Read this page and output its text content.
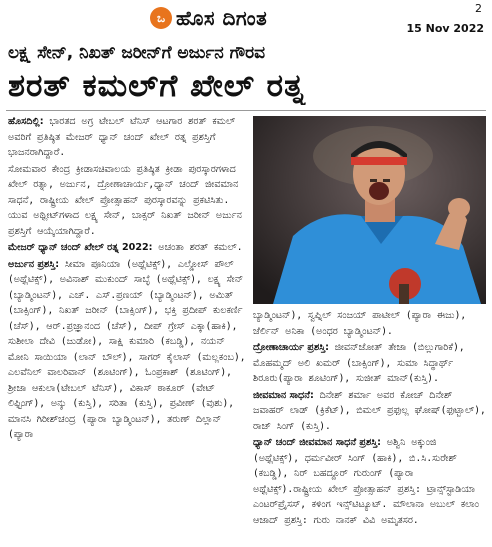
ಒ ಹೊಸ ದಿಗಂತ	2
15 Nov 2022
ಲಕ್ಷ್ಯ ಸೇನ್, ನಿಖತ್ ಜರೀನ್‌ಗೆ ಅರ್ಜುನ ಗೌರವ
ಶರತ್ ಕಮಲ್‌ಗೆ ಖೇಲ್ ರತ್ನ

ಹೊಸದಿಲ್ಲಿ: ಭಾರತದ ಅಗ್ರ ಟೇಬಲ್ ಟೆನಿಸ್ ಆಟಗಾರ ಶರತ್ ಕಮಲ್ ಅವರಿಗೆ ಪ್ರತಿಷ್ಠಿತ ಮೇಜರ್ ಧ್ಯಾನ್ ಚಂದ್ ಖೇಲ್ ರತ್ನ ಪ್ರಶಸ್ತಿಗೆ ಭಾಜನರಾಗಿದ್ದಾರೆ.

ಸೋಮವಾರ ಕೇಂದ್ರ ಕ್ರೀಡಾಸಚಿವಾಲಯ ಪ್ರತಿಷ್ಠಿತ ಕ್ರೀಡಾ ಪುರಸ್ಕಾರಗಳಾದ ಖೇಲ್ ರತ್ನಾ, ಅರ್ಜುನ, ದ್ರೋಣಾಚಾರ್ಯ,ಧ್ಯಾನ್ ಚಂದ್ ಜೀವಮಾನ ಸಾಧನೆ, ರಾಷ್ಟ್ರೀಯ ಖೇಲ್ ಪ್ರೋತ್ಸಾಹನ್ ಪುರಸ್ಕಾರವನ್ನು ಪ್ರಕಟಿಸಿತು. ಯುವ ಅಥ್ಲೀಟ್‌ಗಳಾದ ಲಕ್ಷ್ಯ ಸೇನ್, ಬಾಕ್ಸರ್ ನಿಖತ್ ಜರೀನ್ ಅರ್ಜುನ ಪ್ರಶಸ್ತಿಗೆ ಆಯ್ಕೆಯಾಗಿದ್ದಾರೆ.

ಮೇಜರ್ ಧ್ಯಾನ್ ಚಂದ್ ಖೇಲ್ ರತ್ನ 2022: ಅಚಂತಾ ಶರತ್ ಕಮಲ್.

ಅರ್ಜುನ ಪ್ರಶಸ್ತಿ: ಸೀಮಾ ಪೂನಿಯಾ (ಅಥ್ಲೆಟಿಕ್ಸ್), ಎಲ್ಡೋಸ್ ಪೌಲ್ (ಅಥ್ಲೆಟಿಕ್ಸ್), ಅವಿನಾಶ್ ಮುಕುಂದ್ ಸಾಬ್ಳೆ (ಅಥ್ಲೆಟಿಕ್ಸ್), ಲಕ್ಷ್ಯ ಸೇನ್ (ಬ್ಯಾಡ್ಮಿಂಟನ್), ಎಚ್. ಎಸ್.ಪ್ರಣಯ್ (ಬ್ಯಾಡ್ಮಿಂಟನ್), ಅಮಿತ್ (ಬಾಕ್ಸಿಂಗ್), ನಿಖತ್ ಜರೀನ್ (ಬಾಕ್ಸಿಂಗ್), ಭಕ್ತಿ ಪ್ರದೀಪ್ ಕುಲಕರ್ಣಿ (ಚೆಸ್), ಆರ್.ಪ್ರಜ್ಞಾನಂದ (ಚೆಸ್), ದೀಪ್ ಗ್ರೇಸ್ ಎಕ್ಕಾ(ಹಾಕಿ), ಸುಶೀಲಾ ದೇವಿ (ಜುಡೋ), ಸಾಕ್ಷಿ ಕುಮಾರಿ (ಕಬಡ್ಡಿ), ನಯನ್ ಮೋನಿ ಸಾಯಿಯಾ (ಲಾನ್ ಬೌಲ್), ಸಾಗರ್ ಕೈಲಾಸ್ (ಮಲ್ಲಕಂಬ), ಎಲವೆನಿಲ್ ವಾಲರಿವಾನ್ (ಶೂಟಿಂಗ್), ಓಂಪ್ರಕಾಶ್ (ಶೂಟಿಂಗ್), ಶ್ರೀಜಾ ಆಕುಲಾ(ಟೇಬಲ್ ಟೆನಿಸ್), ವಿಕಾಸ್ ಠಾಕೂರ್ (ವೇಟ್ ಲಿಫ್ಟಿಂಗ್), ಅನ್ಶು (ಕುಸ್ತಿ), ಸರಿತಾ (ಕುಸ್ತಿ), ಪ್ರವೀಣ್ (ವುಶು), ಮಾನಸಿ ಗಿರೀಶ್‌ಚಂದ್ರ (ಪ್ಯಾರಾ ಬ್ಯಾಡ್ಮಿಂಟನ್), ತರುಣ್ ದಿಲ್ಲಾನ್ (ಪ್ಯಾರಾ

ಬ್ಯಾಡ್ಮಿಂಟನ್), ಸ್ವಪ್ನಿಲ್ ಸಂಜಯ್ ಪಾಟೀಲ್ (ಪ್ಯಾರಾ ಈಜು), ಜೆರ್ಲಿನ್ ಅನಿಕಾ (ಅಂಧರ ಬ್ಯಾಡ್ಮಿಂಟನ್).

ದ್ರೋಣಾಚಾರ್ಯ ಪ್ರಶಸ್ತಿ: ಜೀವನ್‌ಜೋತ್ ತೇಜಾ (ಬಿಲ್ಲುಗಾರಿಕೆ), ಮೊಹಮ್ಮದ್ ಅಲಿ ಖಮರ್ (ಬಾಕ್ಸಿಂಗ್), ಸುಮಾ ಸಿದ್ಧಾರ್ಥ್ ಶಿರೂರು(ಪ್ಯಾರಾ ಶೂಟಿಂಗ್), ಸುಜೀತ್ ಮಾನ್(ಕುಸ್ತಿ).

ಜೀವಮಾನ ಸಾಧನೆ: ದಿನೇಶ್ ಶರ್ಮಾ ಅವರ ಕೋಚ್ ದಿನೇಶ್ ಜವಾಹರ್ ಲಾಡ್ (ಕ್ರಿಕೆಟ್), ಬಿಮಲ್ ಪ್ರಫುಲ್ಲ ಘೋಷ್(ಫುಟ್ಬಾಲ್), ರಾಜ್ ಸಿಂಗ್ (ಕುಸ್ತಿ).

ಧ್ಯಾನ್ ಚಂದ್ ಜೀವಮಾನ ಸಾಧನೆ ಪ್ರಶಸ್ತಿ: ಅಶ್ವಿನಿ ಅಕ್ಕುಂಜಿ (ಅಥ್ಲೆಟಿಕ್ಸ್), ಧರ್ಮವೀರ್ ಸಿಂಗ್ (ಹಾಕಿ), ಬಿ.ಸಿ.ಸುರೇಶ್ (ಕಬಡ್ಡಿ), ನಿರ್ ಬಹದ್ದೂರ್ ಗುರುಂಗ್ (ಪ್ಯಾರಾ ಅಥ್ಲೆಟಿಕ್ಸ್).ರಾಷ್ಟ್ರೀಯ ಖೇಲ್ ಪ್ರೋತ್ಸಾಹನ್ ಪ್ರಶಸ್ತಿ: ಟ್ರಾನ್ಸ್‌ಸ್ಟಾಡಿಯಾ ಎಂಟರ್‌ಪ್ರೈಸಸ್, ಕಳಿಂಗ ಇನ್ಸ್‌ಟಿಟ್ಯೂಟ್. ಮೌಲಾನಾ ಅಬುಲ್ ಕಲಾಂ ಆಜಾದ್ ಪ್ರಶಸ್ತಿ: ಗುರು ನಾನಕ್ ವಿವಿ ಅಮೃತಸರ.
